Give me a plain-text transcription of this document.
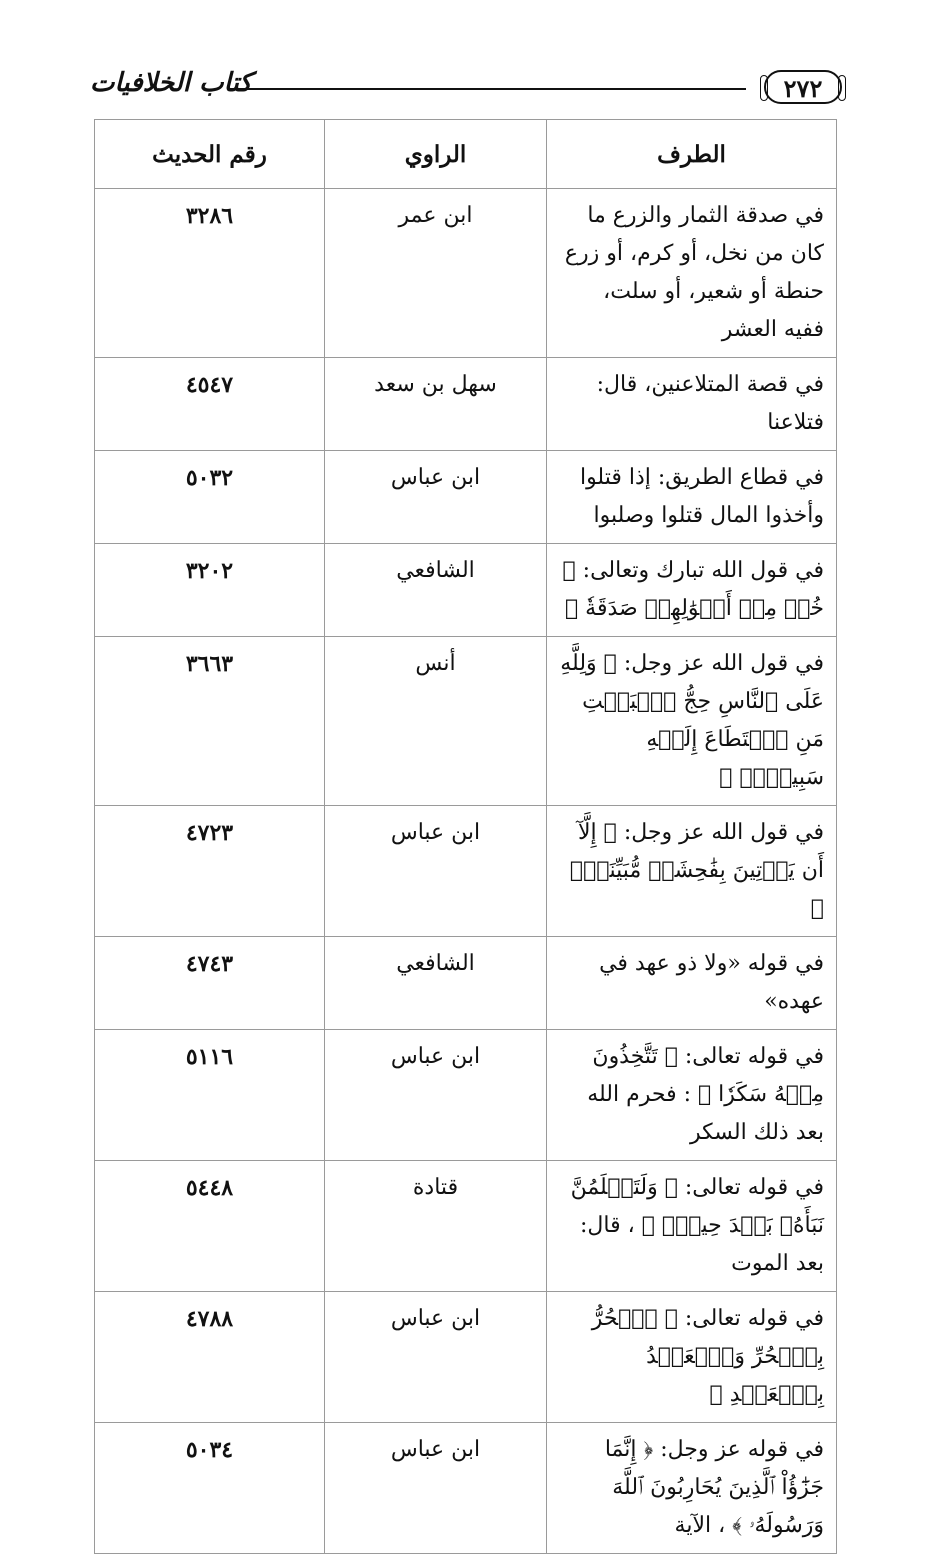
٢٧٢
كتاب الخلافيات
الطرف	الراوي	رقم الحديث
في صدقة الثمار والزرع ما كان من نخل، أو كرم، أو زرع حنطة أو شعير، أو سلت، ففيه العشر	ابن عمر	٣٢٨٦
في قصة المتلاعنين، قال: فتلاعنا	سهل بن سعد	٤٥٤٧
في قطاع الطريق: إذا قتلوا وأخذوا المال قتلوا وصلبوا	ابن عباس	٥٠٣٢
في قول الله تبارك وتعالى: ﴿ خُذۡ مِنۡ أَمۡوَٰلِهِمۡ صَدَقَةٗ ﴾	الشافعي	٣٢٠٢
في قول الله عز وجل: ﴿ وَلِلَّهِ عَلَى ٱلنَّاسِ حِجُّ ٱلۡبَيۡتِ مَنِ ٱسۡتَطَاعَ إِلَيۡهِ سَبِيلٗاۚ ﴾	أنس	٣٦٦٣
في قول الله عز وجل: ﴿ إِلَّآ أَن يَأۡتِينَ بِفَٰحِشَةٖ مُّبَيِّنَةٖۚ ﴾	ابن عباس	٤٧٢٣
في قوله «ولا ذو عهد في عهده»	الشافعي	٤٧٤٣
في قوله تعالى: ﴿ تَتَّخِذُونَ مِنۡهُ سَكَرٗا ﴾ : فحرم الله بعد ذلك السكر	ابن عباس	٥١١٦
في قوله تعالى: ﴿ وَلَتَعۡلَمُنَّ نَبَأَهُۥ بَعۡدَ حِينِۭ ﴾ ، قال: بعد الموت	قتادة	٥٤٤٨
في قوله تعالى: ﴿ ٱلۡحُرُّ بِٱلۡحُرِّ وَٱلۡعَبۡدُ بِٱلۡعَبۡدِ ﴾	ابن عباس	٤٧٨٨
في قوله عز وجل: ﴿ إِنَّمَا جَزَٰٓؤُاْ ٱلَّذِينَ يُحَارِبُونَ ٱللَّهَ وَرَسُولَهُۥ ﴾ ، الآية	ابن عباس	٥٠٣٤
